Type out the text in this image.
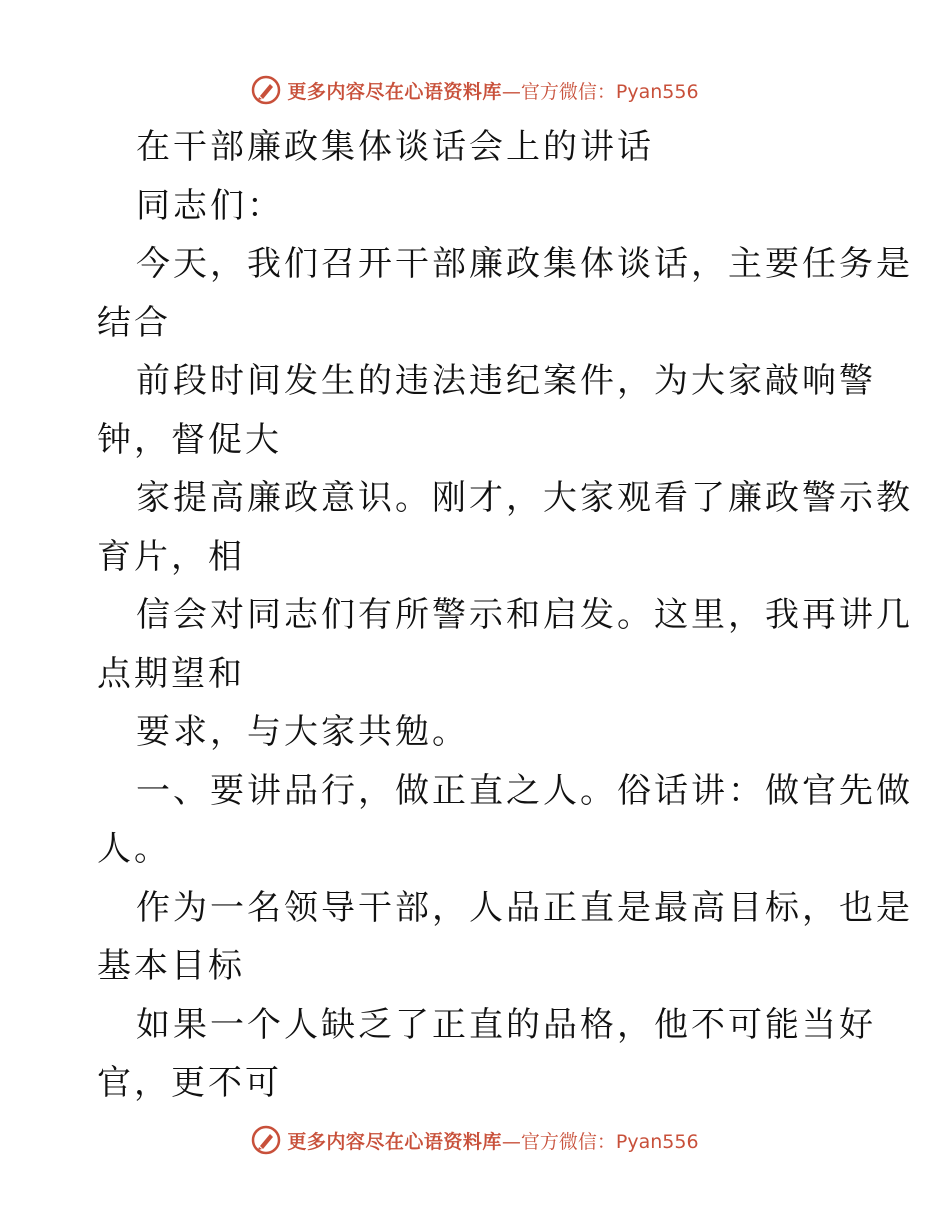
更多内容尽在心语资料库 —官方微信：Pyan556
在干部廉政集体谈话会上的讲话
同志们：
今天，我们召开干部廉政集体谈话，主要任务是
结合
前段时间发生的违法违纪案件，为大家敲响警
钟，督促大
家提高廉政意识。刚才，大家观看了廉政警示教
育片，相
信会对同志们有所警示和启发。这里，我再讲几
点期望和
要求，与大家共勉。
一、要讲品行，做正直之人。俗话讲：做官先做
人。
作为一名领导干部，人品正直是最高目标，也是
基本目标
如果一个人缺乏了正直的品格，他不可能当好
官，更不可
更多内容尽在心语资料库 —官方微信：Pyan556
